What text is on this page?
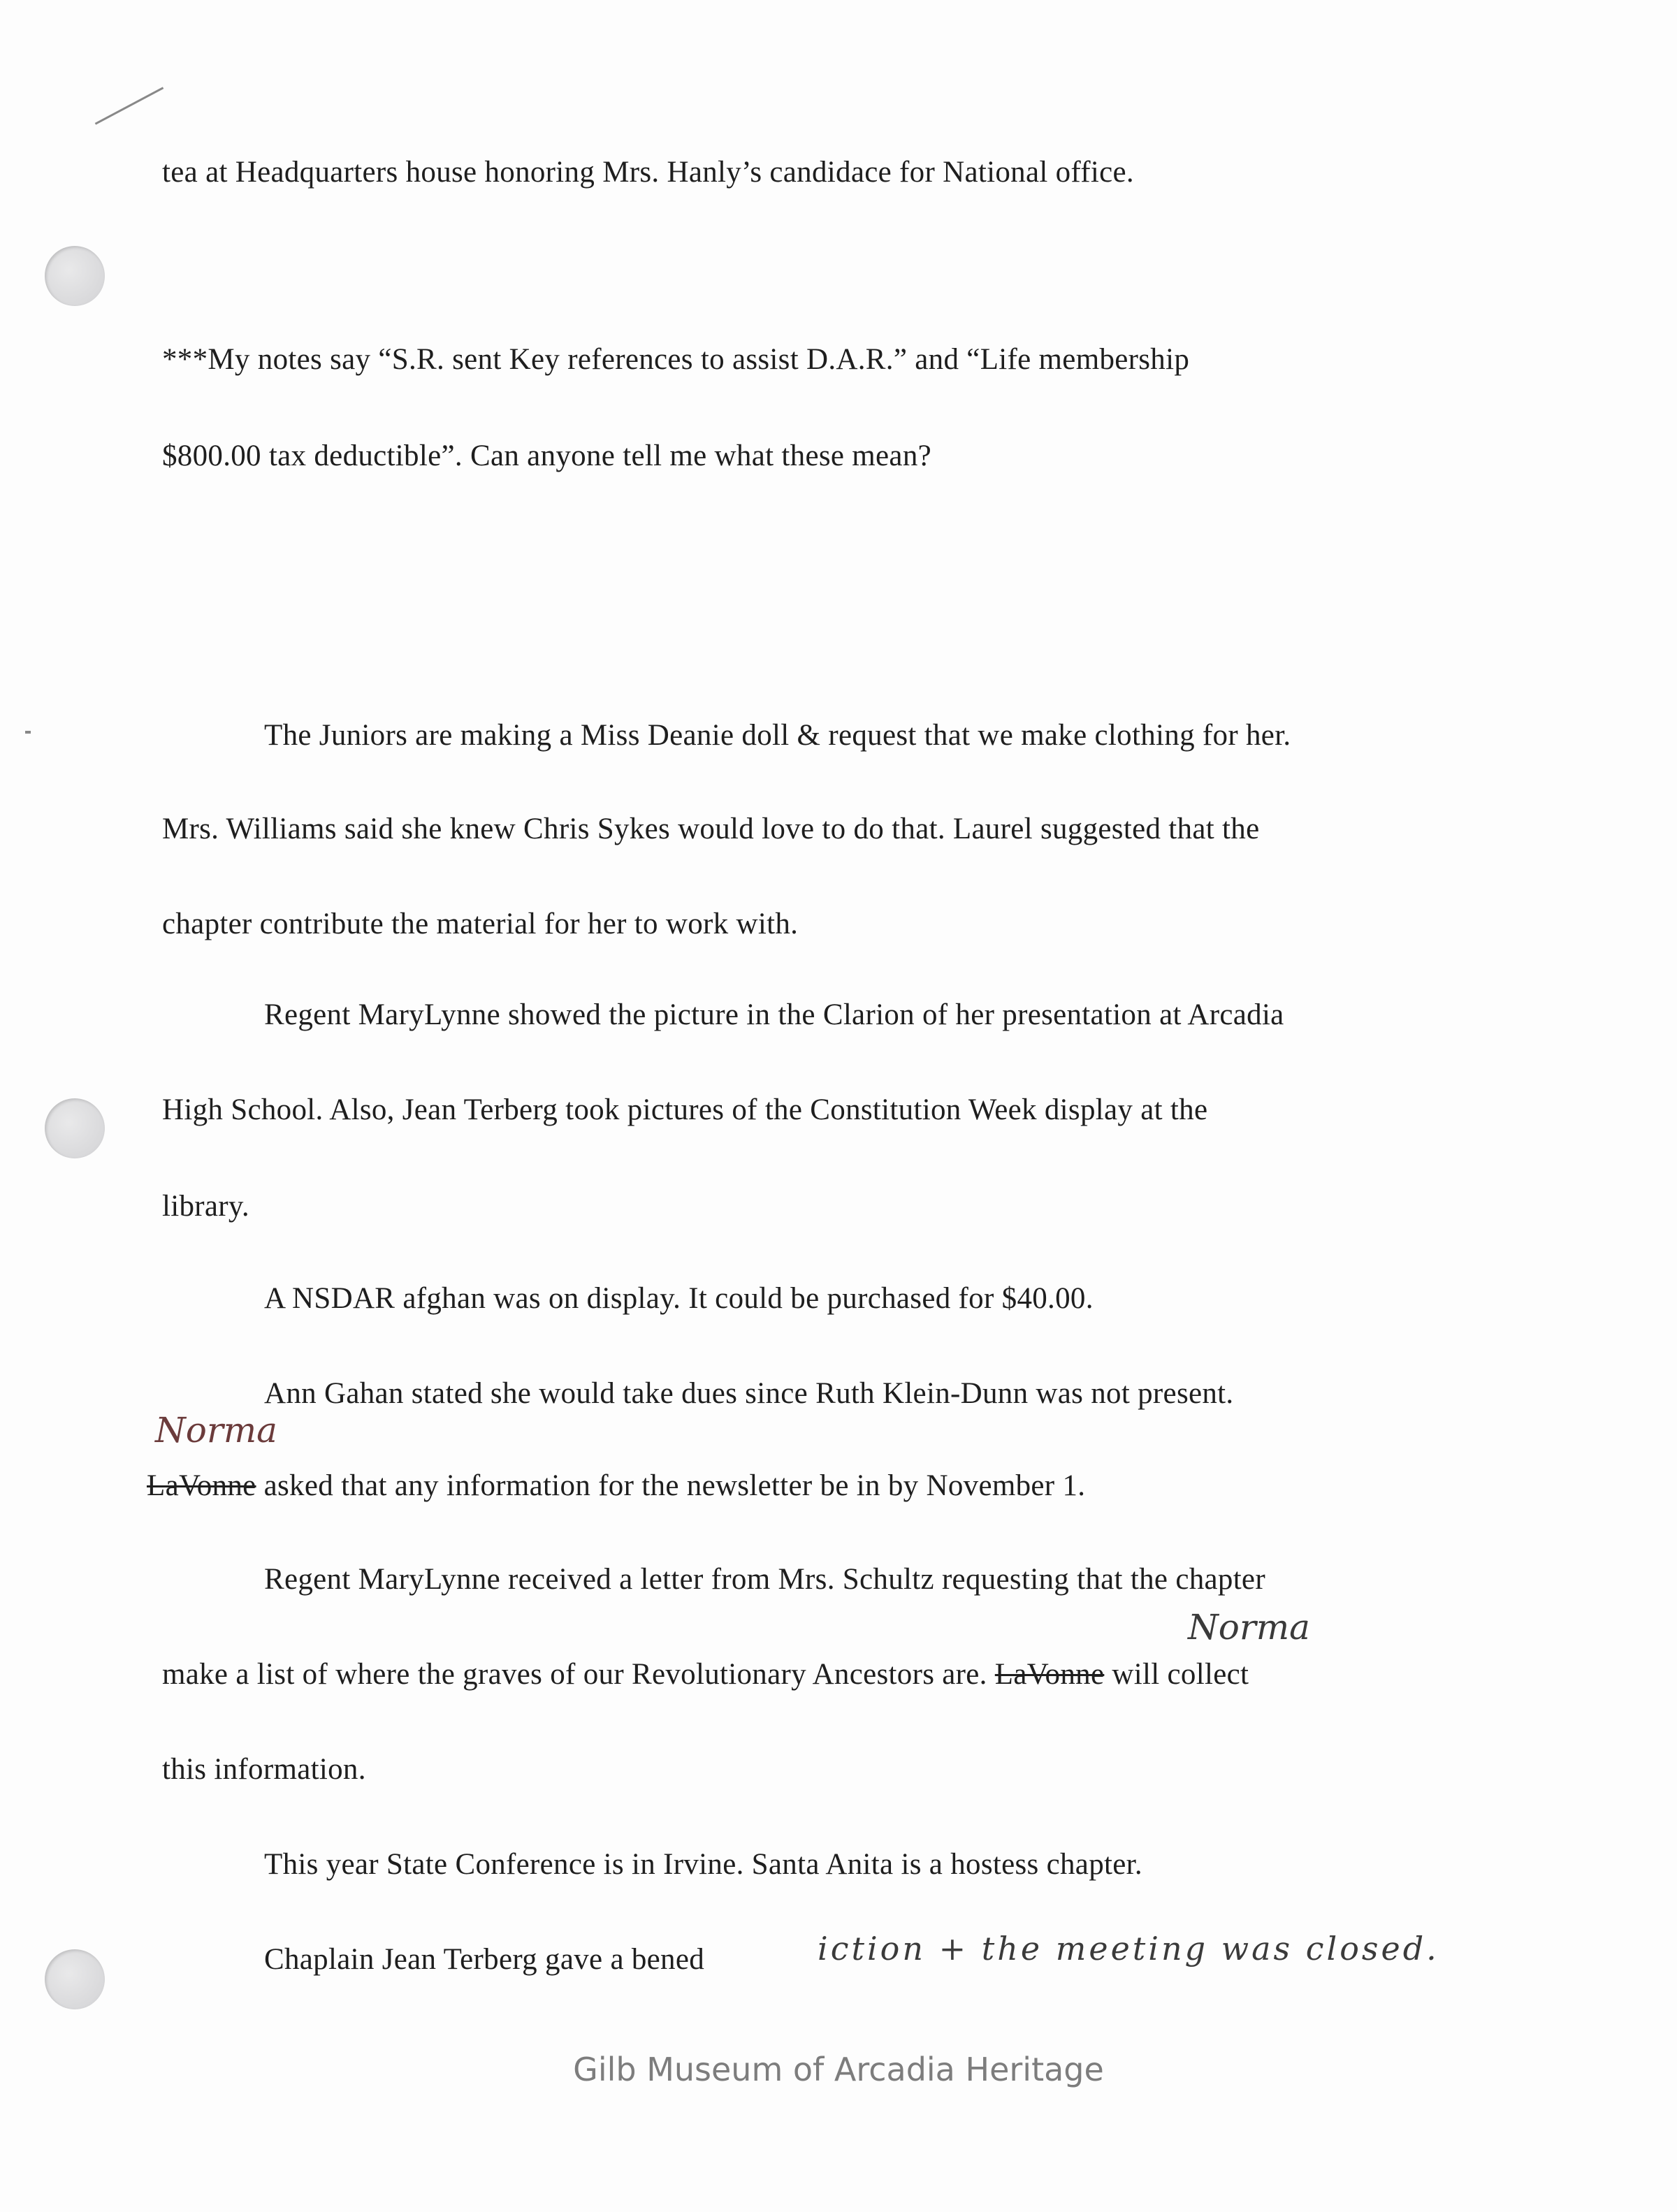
tea at Headquarters house honoring Mrs. Hanly’s candidace for National office.
***My notes say “S.R. sent Key references to assist D.A.R.” and “Life membership
$800.00 tax deductible”. Can anyone tell me what these mean?
The Juniors are making a Miss Deanie doll & request that we make clothing for her.
Mrs. Williams said she knew Chris Sykes would love to do that. Laurel suggested that the
chapter contribute the material for her to work with.
Regent MaryLynne showed the picture in the Clarion of her presentation at Arcadia
High School. Also, Jean Terberg took pictures of the Constitution Week display at the
library.
A NSDAR afghan was on display. It could be purchased for $40.00.
Ann Gahan stated she would take dues since Ruth Klein-Dunn was not present.
Norma
LaVonne asked that any information for the newsletter be in by November 1.
Regent MaryLynne received a letter from Mrs. Schultz requesting that the chapter
Norma
make a list of where the graves of our Revolutionary Ancestors are. LaVonne will collect
this information.
This year State Conference is in Irvine. Santa Anita is a hostess chapter.
Chaplain Jean Terberg gave a bened	iction + the meeting was closed.
Gilb Museum of Arcadia Heritage
